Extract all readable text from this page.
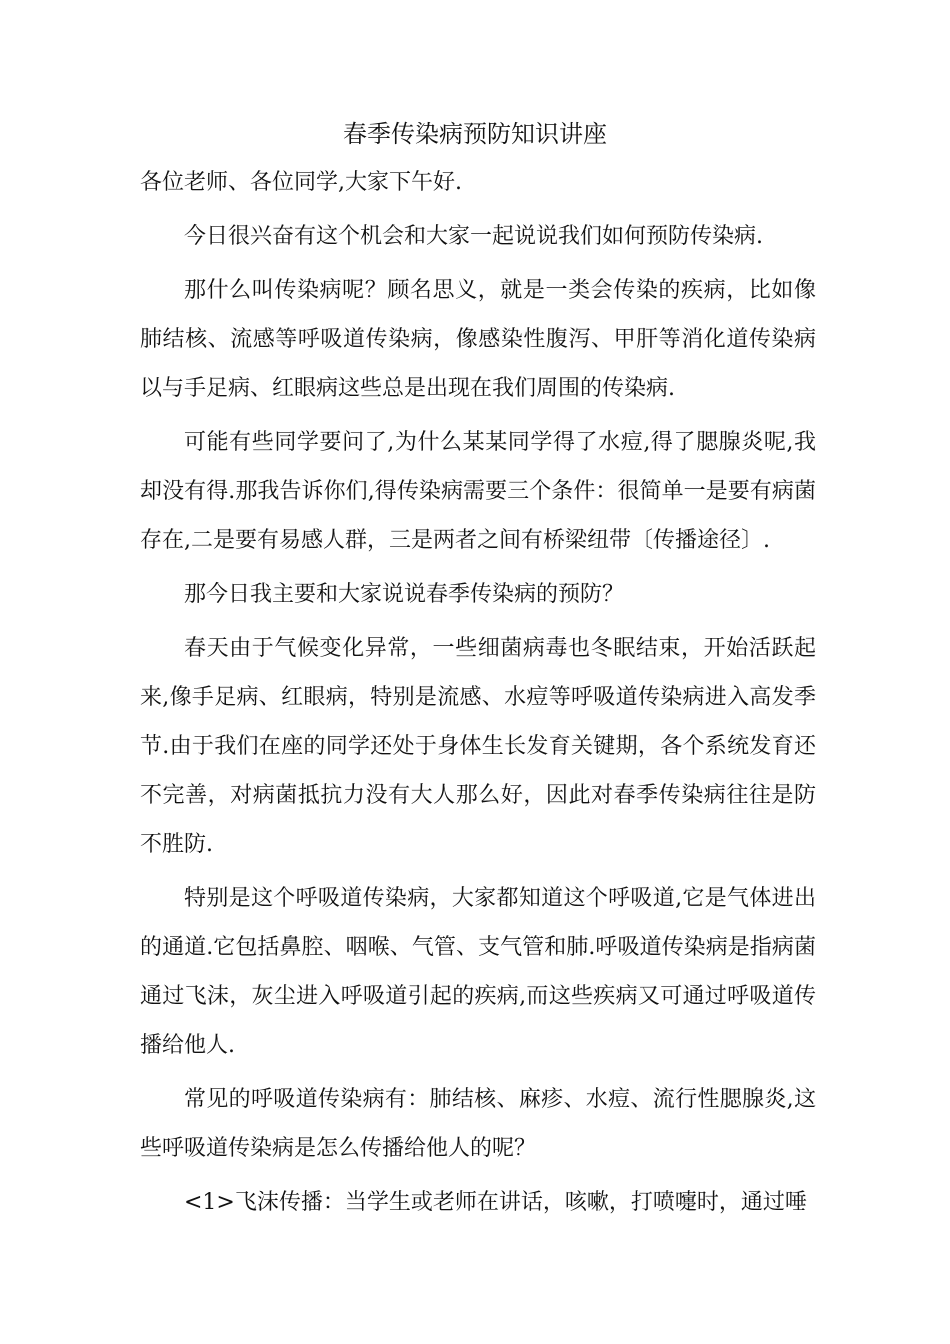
春季传染病预防知识讲座

各位老师、各位同学,大家下午好.

今日很兴奋有这个机会和大家一起说说我们如何预防传染病.

那什么叫传染病呢？顾名思义，就是一类会传染的疾病，比如像肺结核、流感等呼吸道传染病，像感染性腹泻、甲肝等消化道传染病以与手足病、红眼病这些总是出现在我们周围的传染病.

可能有些同学要问了,为什么某某同学得了水痘,得了腮腺炎呢,我却没有得.那我告诉你们,得传染病需要三个条件：很简单一是要有病菌存在,二是要有易感人群，三是两者之间有桥梁纽带〔传播途径〕.

那今日我主要和大家说说春季传染病的预防？

春天由于气候变化异常，一些细菌病毒也冬眠结束，开始活跃起来,像手足病、红眼病，特别是流感、水痘等呼吸道传染病进入高发季节.由于我们在座的同学还处于身体生长发育关键期，各个系统发育还不完善，对病菌抵抗力没有大人那么好，因此对春季传染病往往是防不胜防.

特别是这个呼吸道传染病，大家都知道这个呼吸道,它是气体进出的通道.它包括鼻腔、咽喉、气管、支气管和肺.呼吸道传染病是指病菌通过飞沫，灰尘进入呼吸道引起的疾病,而这些疾病又可通过呼吸道传播给他人.

常见的呼吸道传染病有：肺结核、麻疹、水痘、流行性腮腺炎,这些呼吸道传染病是怎么传播给他人的呢？

<1>飞沫传播：当学生或老师在讲话，咳嗽，打喷嚏时，通过唾
